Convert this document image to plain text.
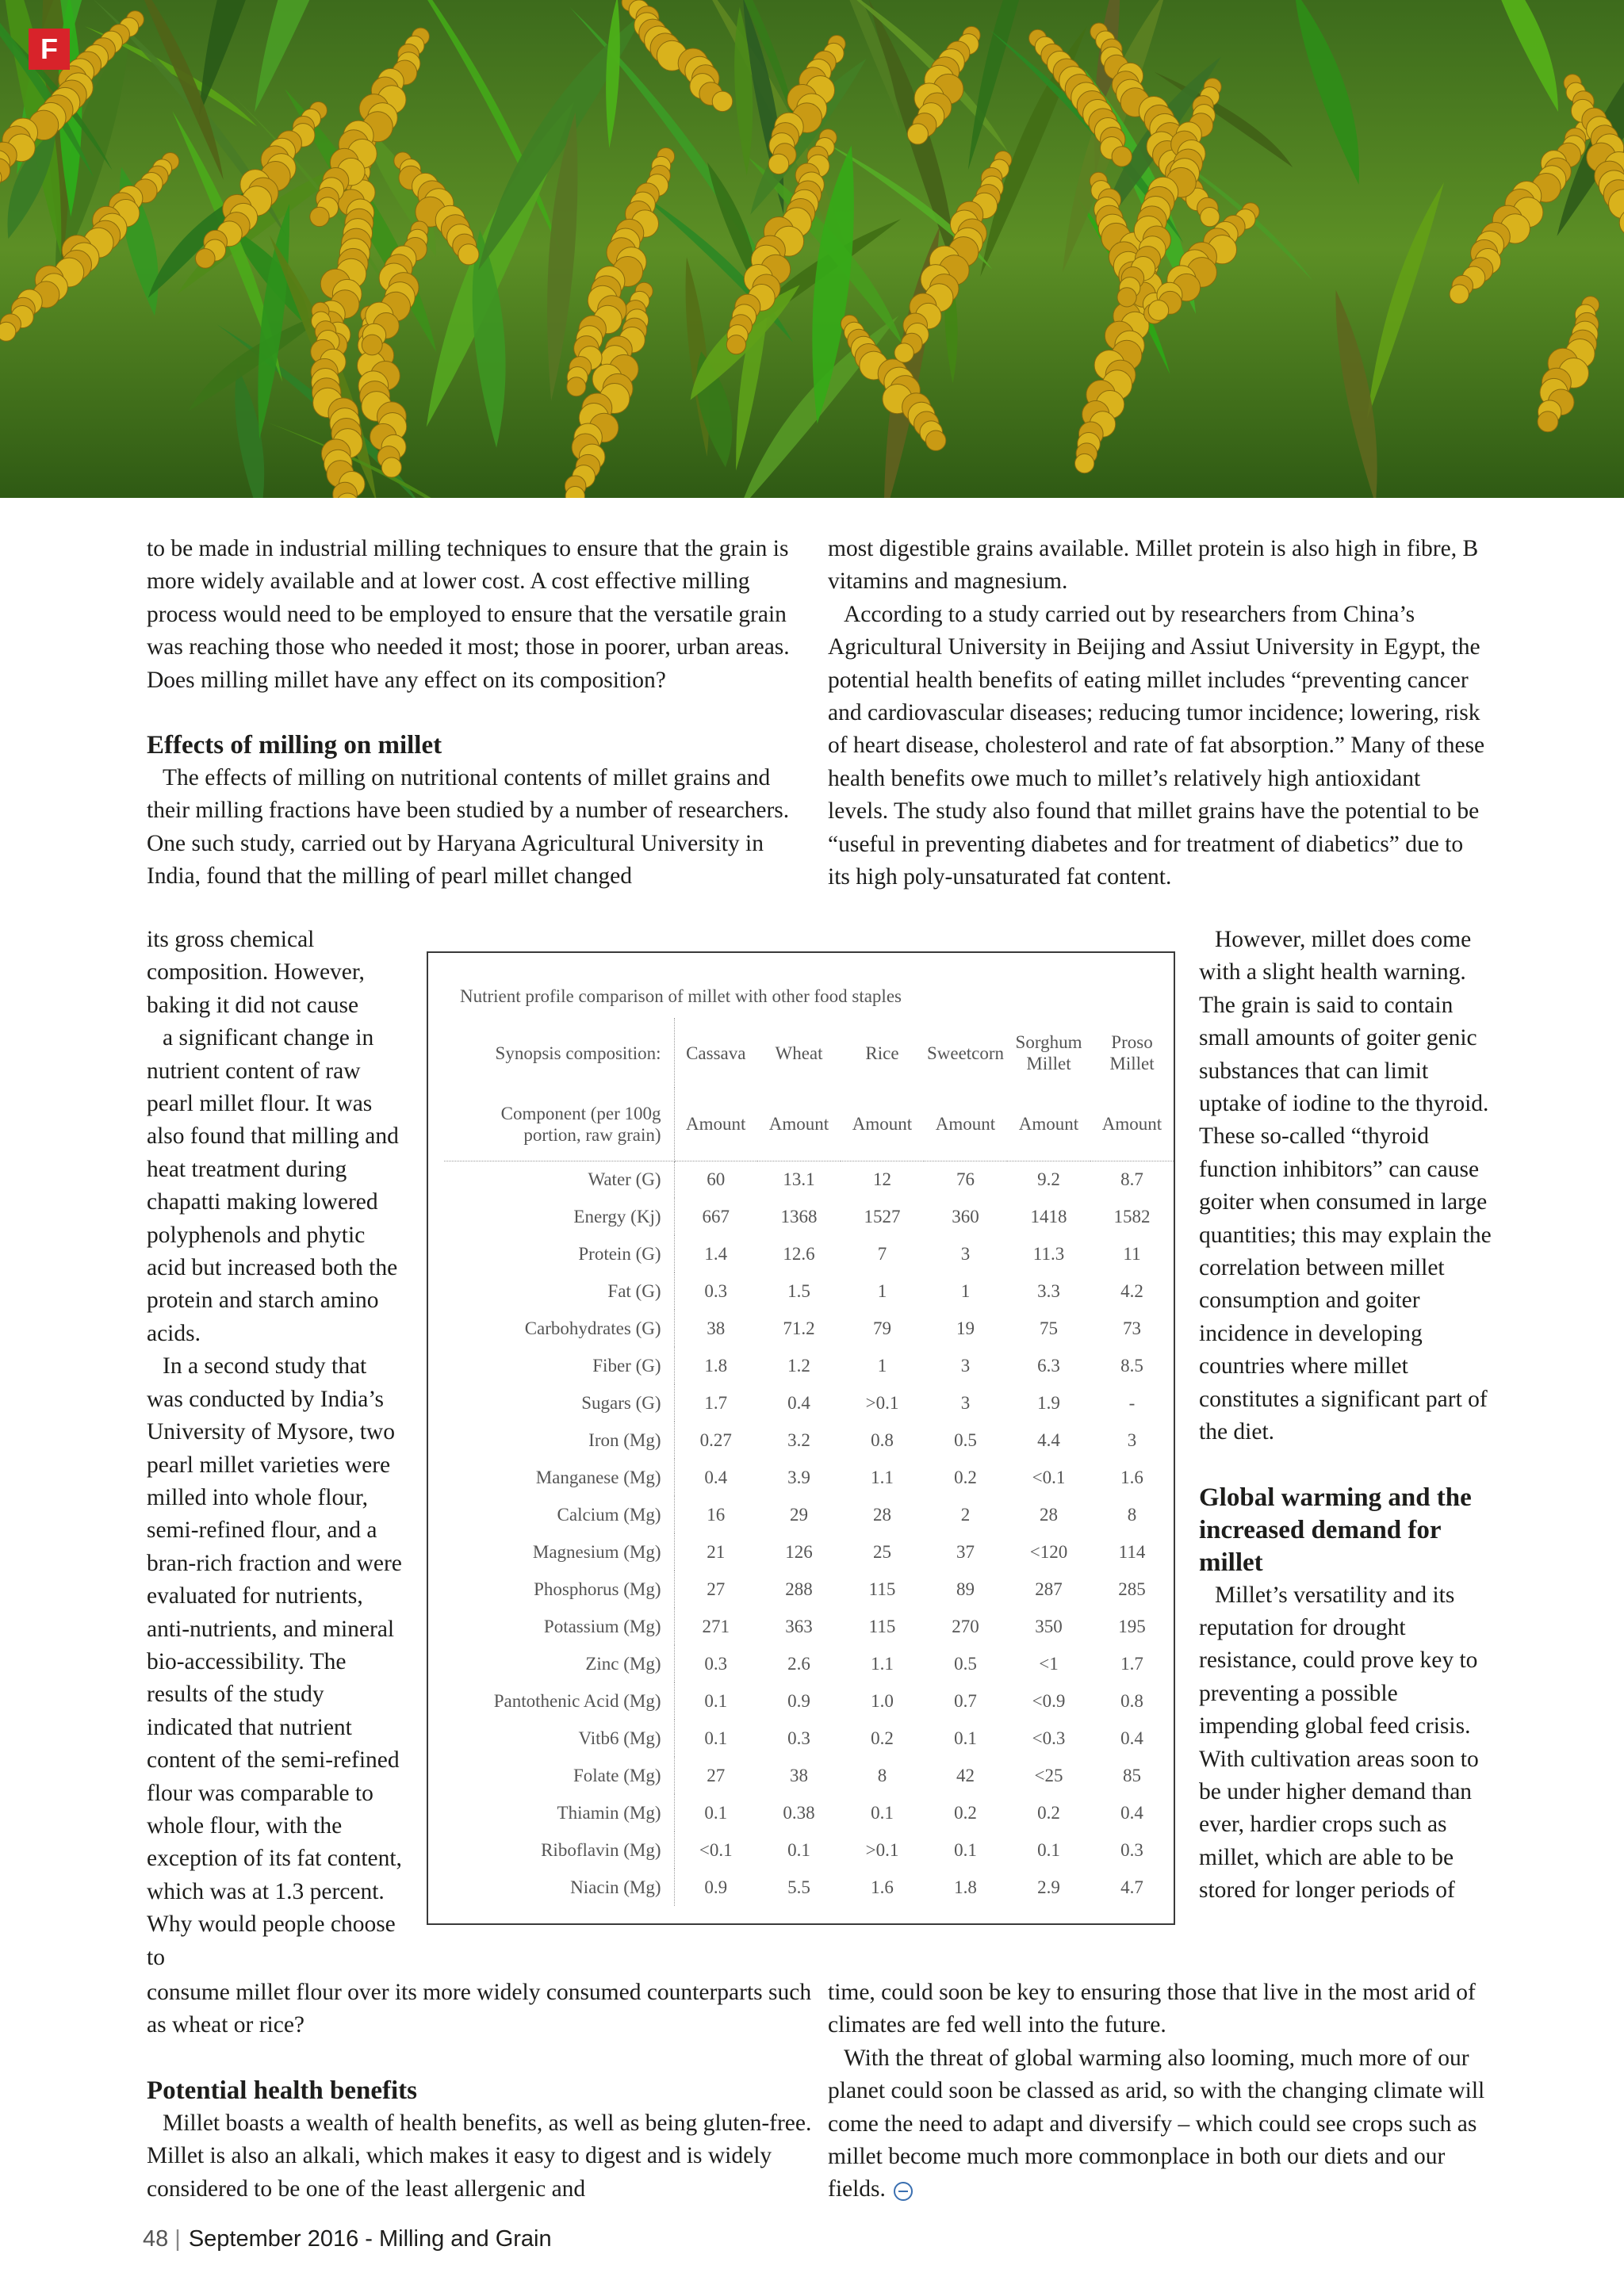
F

to be made in industrial milling techniques to ensure that the grain is more widely available and at lower cost. A cost effective milling process would need to be employed to ensure that the versatile grain was reaching those who needed it most; those in poorer, urban areas. Does milling millet have any effect on its composition?

Effects of milling on millet

The effects of milling on nutritional contents of millet grains and their milling fractions have been studied by a number of researchers. One such study, carried out by Haryana Agricultural University in India, found that the milling of pearl millet changed

most digestible grains available. Millet protein is also high in fibre, B vitamins and magnesium.

According to a study carried out by researchers from China’s Agricultural University in Beijing and Assiut University in Egypt, the potential health benefits of eating millet includes “preventing cancer and cardiovascular diseases; reducing tumor incidence; lowering, risk of heart disease, cholesterol and rate of fat absorption.” Many of these health benefits owe much to millet’s relatively high antioxidant levels. The study also found that millet grains have the potential to be “useful in preventing diabetes and for treatment of diabetics” due to its high poly-unsaturated fat content.

its gross chemical composition. However, baking it did not cause

a significant change in nutrient content of raw pearl millet flour. It was also found that milling and heat treatment during chapatti making lowered polyphenols and phytic acid but increased both the protein and starch amino acids.

In a second study that was conducted by India’s University of Mysore, two pearl millet varieties were milled into whole flour, semi-refined flour, and a bran-rich fraction and were evaluated for nutrients, anti-nutrients, and mineral bio-accessibility. The results of the study indicated that nutrient content of the semi-refined flour was comparable to whole flour, with the exception of its fat content, which was at 1.3 percent. Why would people choose to

Nutrient profile comparison of millet with other food staples
Synopsis composition:	Cassava	Wheat	Rice	Sweetcorn	Sorghum Millet	Proso Millet
Component (per 100g portion, raw grain)	Amount	Amount	Amount	Amount	Amount	Amount
Water (G)	60	13.1	12	76	9.2	8.7
Energy (Kj)	667	1368	1527	360	1418	1582
Protein (G)	1.4	12.6	7	3	11.3	11
Fat (G)	0.3	1.5	1	1	3.3	4.2
Carbohydrates (G)	38	71.2	79	19	75	73
Fiber (G)	1.8	1.2	1	3	6.3	8.5
Sugars (G)	1.7	0.4	>0.1	3	1.9	-
Iron (Mg)	0.27	3.2	0.8	0.5	4.4	3
Manganese (Mg)	0.4	3.9	1.1	0.2	<0.1	1.6
Calcium (Mg)	16	29	28	2	28	8
Magnesium (Mg)	21	126	25	37	<120	114
Phosphorus (Mg)	27	288	115	89	287	285
Potassium (Mg)	271	363	115	270	350	195
Zinc (Mg)	0.3	2.6	1.1	0.5	<1	1.7
Pantothenic Acid (Mg)	0.1	0.9	1.0	0.7	<0.9	0.8
Vitb6 (Mg)	0.1	0.3	0.2	0.1	<0.3	0.4
Folate (Mg)	27	38	8	42	<25	85
Thiamin (Mg)	0.1	0.38	0.1	0.2	0.2	0.4
Riboflavin (Mg)	<0.1	0.1	>0.1	0.1	0.1	0.3
Niacin (Mg)	0.9	5.5	1.6	1.8	2.9	4.7

However, millet does come with a slight health warning. The grain is said to contain small amounts of goiter genic substances that can limit uptake of iodine to the thyroid. These so-called “thyroid function inhibitors” can cause goiter when consumed in large quantities; this may explain the correlation between millet consumption and goiter incidence in developing countries where millet constitutes a significant part of the diet.

Global warming and the increased demand for millet

Millet’s versatility and its reputation for drought resistance, could prove key to preventing a possible impending global feed crisis. With cultivation areas soon to be under higher demand than ever, hardier crops such as millet, which are able to be stored for longer periods of

consume millet flour over its more widely consumed counterparts such as wheat or rice?

Potential health benefits

Millet boasts a wealth of health benefits, as well as being gluten-free. Millet is also an alkali, which makes it easy to digest and is widely considered to be one of the least allergenic and

time, could soon be key to ensuring those that live in the most arid of climates are fed well into the future.

With the threat of global warming also looming, much more of our planet could soon be classed as arid, so with the changing climate will come the need to adapt and diversify – which could see crops such as millet become much more commonplace in both our diets and our fields.

48 | September 2016 - Milling and Grain
